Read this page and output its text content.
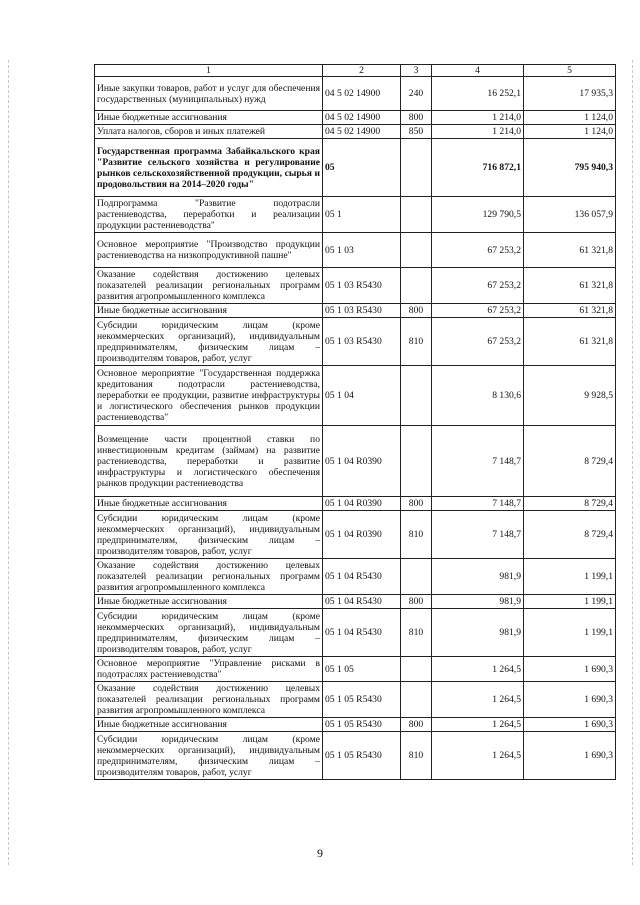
1	2	3	4	5
Иные закупки товаров, работ и услуг для обеспечения государственных (муниципальных) нужд	04 5 02 14900	240	16 252,1	17 935,3
Иные бюджетные ассигнования	04 5 02 14900	800	1 214,0	1 124,0
Уплата налогов, сборов и иных платежей	04 5 02 14900	850	1 214,0	1 124,0
Государственная программа Забайкальского края "Развитие сельского хозяйства и регулирование рынков сельскохозяйственной продукции, сырья и продовольствия на 2014–2020 годы"	05		716 872,1	795 940,3
Подпрограмма "Развитие подотрасли растениеводства, переработки и реализации продукции растениеводства"	05 1		129 790,5	136 057,9
Основное мероприятие "Производство продукции растениеводства на низкопродуктивной пашне"	05 1 03		67 253,2	61 321,8
Оказание содействия достижению целевых показателей реализации региональных программ развития агропромышленного комплекса	05 1 03 R5430		67 253,2	61 321,8
Иные бюджетные ассигнования	05 1 03 R5430	800	67 253,2	61 321,8
Субсидии юридическим лицам (кроме некоммерческих организаций), индивидуальным предпринимателям, физическим лицам – производителям товаров, работ, услуг	05 1 03 R5430	810	67 253,2	61 321,8
Основное мероприятие "Государственная поддержка кредитования подотрасли растениеводства, переработки ее продукции, развитие инфраструктуры и логистического обеспечения рынков продукции растениеводства"	05 1 04		8 130,6	9 928,5
Возмещение части процентной ставки по инвестиционным кредитам (займам) на развитие растениеводства, переработки и развитие инфраструктуры и логистического обеспечения рынков продукции растениеводства	05 1 04 R0390		7 148,7	8 729,4
Иные бюджетные ассигнования	05 1 04 R0390	800	7 148,7	8 729,4
Субсидии юридическим лицам (кроме некоммерческих организаций), индивидуальным предпринимателям, физическим лицам – производителям товаров, работ, услуг	05 1 04 R0390	810	7 148,7	8 729,4
Оказание содействия достижению целевых показателей реализации региональных программ развития агропромышленного комплекса	05 1 04 R5430		981,9	1 199,1
Иные бюджетные ассигнования	05 1 04 R5430	800	981,9	1 199,1
Субсидии юридическим лицам (кроме некоммерческих организаций), индивидуальным предпринимателям, физическим лицам – производителям товаров, работ, услуг	05 1 04 R5430	810	981,9	1 199,1
Основное мероприятие "Управление рисками в подотраслях растениеводства"	05 1 05		1 264,5	1 690,3
Оказание содействия достижению целевых показателей реализации региональных программ развития агропромышленного комплекса	05 1 05 R5430		1 264,5	1 690,3
Иные бюджетные ассигнования	05 1 05 R5430	800	1 264,5	1 690,3
Субсидии юридическим лицам (кроме некоммерческих организаций), индивидуальным предпринимателям, физическим лицам – производителям товаров, работ, услуг	05 1 05 R5430	810	1 264,5	1 690,3
9
